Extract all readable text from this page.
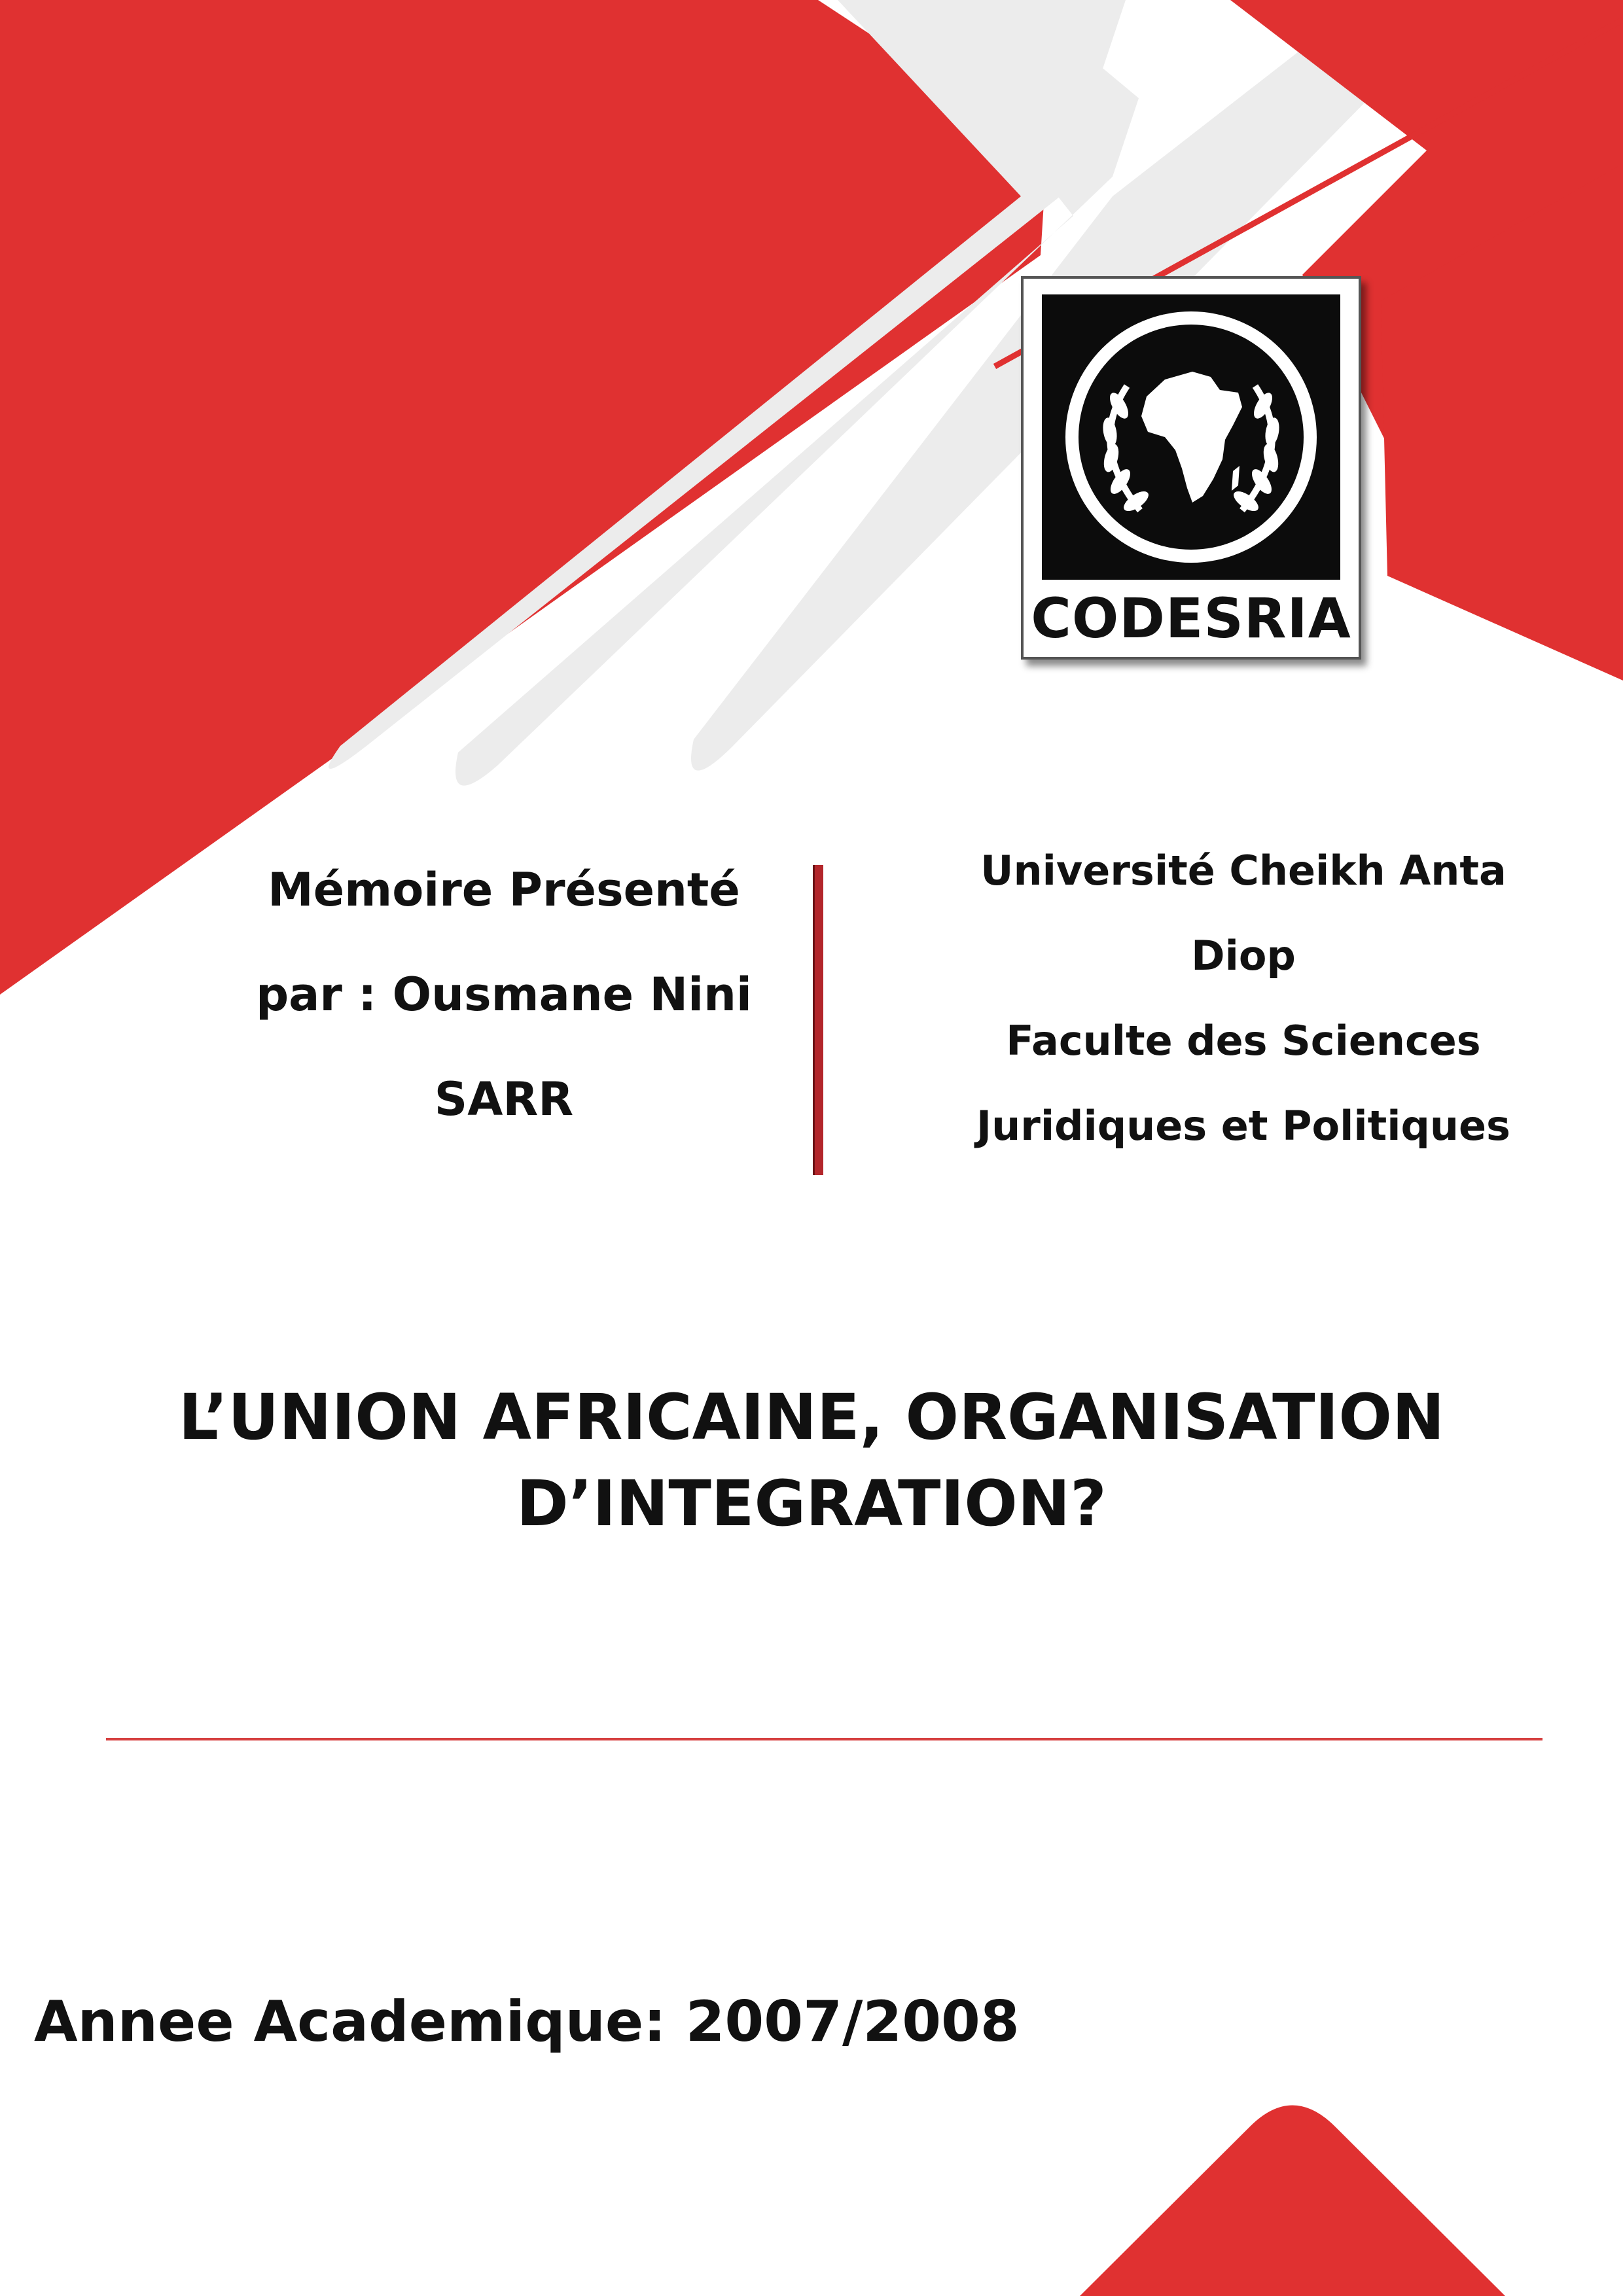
CODESRIA
Mémoire Présenté
par : Ousmane Nini
SARR
Université Cheikh Anta
Diop
Faculte des Sciences
Juridiques et Politiques
L’UNION AFRICAINE, ORGANISATION
D’INTEGRATION?
Annee Academique: 2007/2008
